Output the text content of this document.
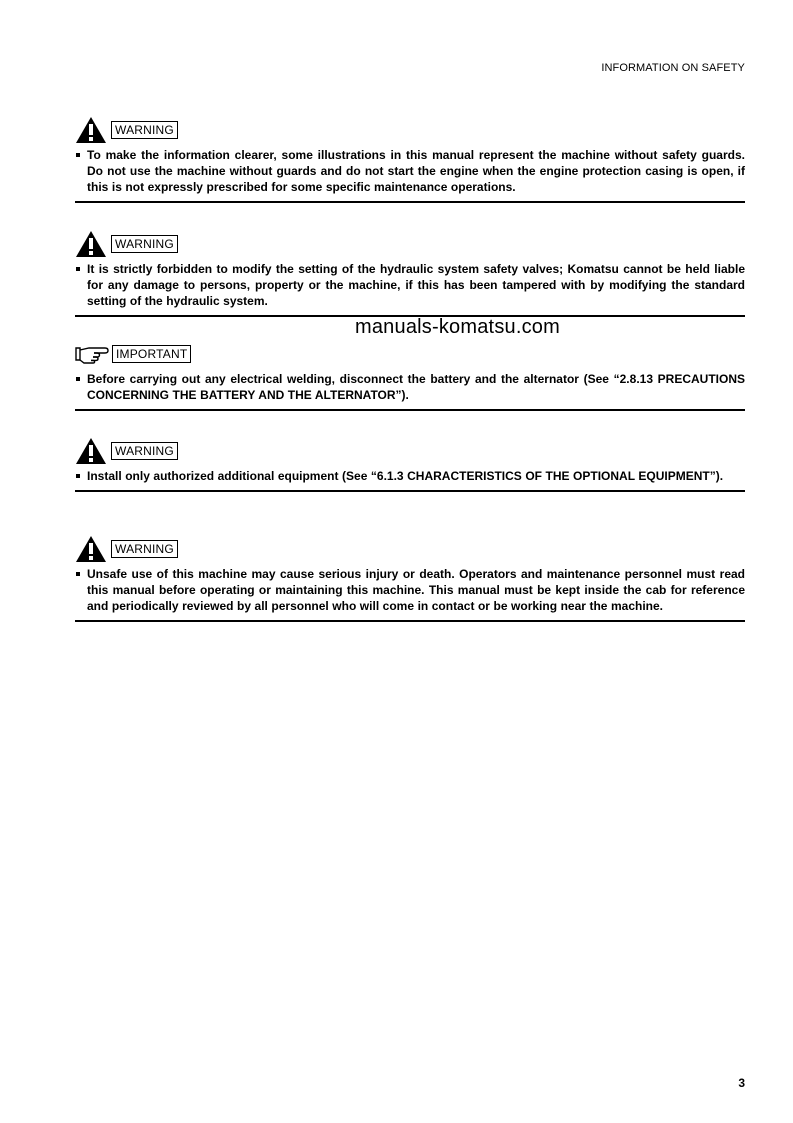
INFORMATION ON SAFETY
WARNING
To make the information clearer, some illustrations in this manual represent the machine without safety guards. Do not use the machine without guards and do not start the engine when the engine protection casing is open, if this is not expressly prescribed for some specific maintenance operations.
WARNING
It is strictly forbidden to modify the setting of the hydraulic system safety valves; Komatsu cannot be held liable for any damage to persons, property or the machine, if this has been tampered with by modifying the standard setting of the hydraulic system.
manuals-komatsu.com
IMPORTANT
Before carrying out any electrical welding, disconnect the battery and the alternator (See “2.8.13 PRECAUTIONS CONCERNING THE BATTERY AND THE ALTERNATOR”).
WARNING
Install only authorized additional equipment (See “6.1.3 CHARACTERISTICS OF THE OPTIONAL EQUIPMENT”).
WARNING
Unsafe use of this machine may cause serious injury or death. Operators and maintenance personnel must read this manual before operating or maintaining this machine. This manual must be kept inside the cab for reference and periodically reviewed by all personnel who will come in contact or be working near the machine.
3
